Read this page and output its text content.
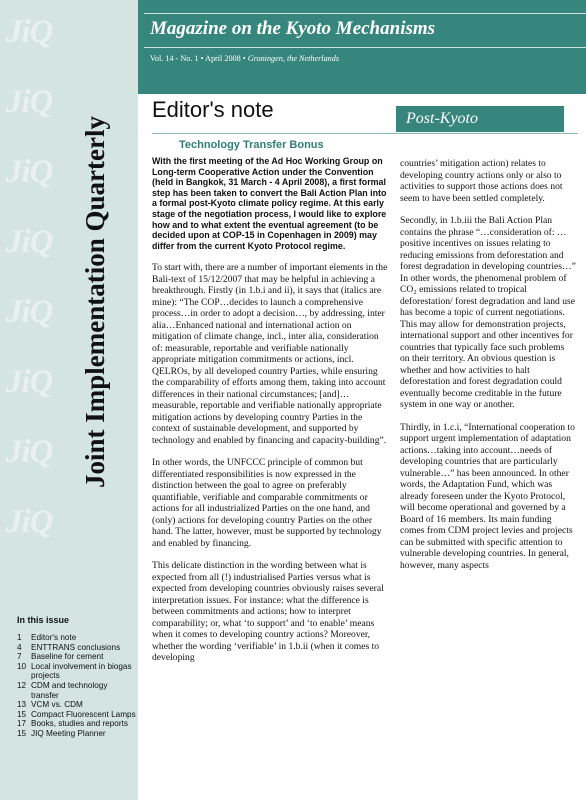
JiQ
JiQ
JiQ
JiQ
JiQ
JiQ
JiQ
JiQ
Joint Implementation Quarterly
In this issue
1	Editor's note
4	ENTTRANS conclusions
7	Baseline for cement
10 Local involvement in biogas projects
12 CDM and technology transfer
13 VCM vs. CDM
15 Compact Fluorescent Lamps
17 Books, studies and reports
15 JIQ Meeting Planner
Magazine on the Kyoto Mechanisms
Vol. 14 - No. 1 • April 2008 • Groningen, the Netherlands
Editor's note	Post-Kyoto
Technology Transfer Bonus

With the first meeting of the Ad Hoc Working Group on Long-term Cooperative Action under the Convention (held in Bangkok, 31 March - 4 April 2008), a first formal step has been taken to convert the Bali Action Plan into a formal post-Kyoto climate policy regime. At this early stage of the negotiation process, I would like to explore how and to what extent the eventual agreement (to be decided upon at COP-15 in Copenhagen in 2009) may differ from the current Kyoto Protocol regime.

To start with, there are a number of important elements in the Bali-text of 15/12/2007 that may be helpful in achieving a breakthrough. Firstly (in 1.b.i and ii), it says that (italics are mine): “The COP…decides to launch a comprehensive process…in order to adopt a decision…, by addressing, inter alia…Enhanced national and international action on mitigation of climate change, incl., inter alia, consideration of: measurable, reportable and verifiable nationally appropriate mitigation commitments or actions, incl. QELROs, by all developed country Parties, while ensuring the comparability of efforts among them, taking into account differences in their national circumstances; [and]… measurable, reportable and verifiable nationally appropriate mitigation actions by developing country Parties in the context of sustainable development, and supported by technology and enabled by financing and capacity-building”.

In other words, the UNFCCC principle of common but differentiated responsibilities is now expressed in the distinction between the goal to agree on preferably quantifiable, verifiable and comparable commitments or actions for all industrialized Parties on the one hand, and (only) actions for developing country Parties on the other hand. The latter, however, must be supported by technology and enabled by financing.

This delicate distinction in the wording between what is expected from all (!) industrialised Parties versus what is expected from developing countries obviously raises several interpretation issues. For instance: what the difference is between commitments and actions; how to interpret comparability; or, what ‘to support’ and ‘to enable’ means when it comes to developing country actions? Moreover, whether the wording ‘verifiable’ in 1.b.ii (when it comes to developing

countries’ mitigation action) relates to developing country actions only or also to activities to support those actions does not seem to have been settled completely.

Secondly, in 1.b.iii the Bali Action Plan contains the phrase “…consideration of: …positive incentives on issues relating to reducing emissions from deforestation and forest degradation in developing countries…” In other words, the phenomenal problem of CO₂ emissions related to tropical deforestation/ forest degradation and land use has become a topic of current negotiations. This may allow for demonstration projects, international support and other incentives for countries that typically face such problems on their territory. An obvious question is whether and how activities to halt deforestation and forest degradation could eventually become creditable in the future system in one way or another.

Thirdly, in 1.c.i, “International cooperation to support urgent implementation of adaptation actions…taking into account…needs of developing countries that are particularly vulnerable…” has been announced. In other words, the Adaptation Fund, which was already foreseen under the Kyoto Protocol, will become operational and governed by a Board of 16 members. Its main funding comes from CDM project levies and projects can be submitted with specific attention to vulnerable developing countries. In general, however, many aspects
